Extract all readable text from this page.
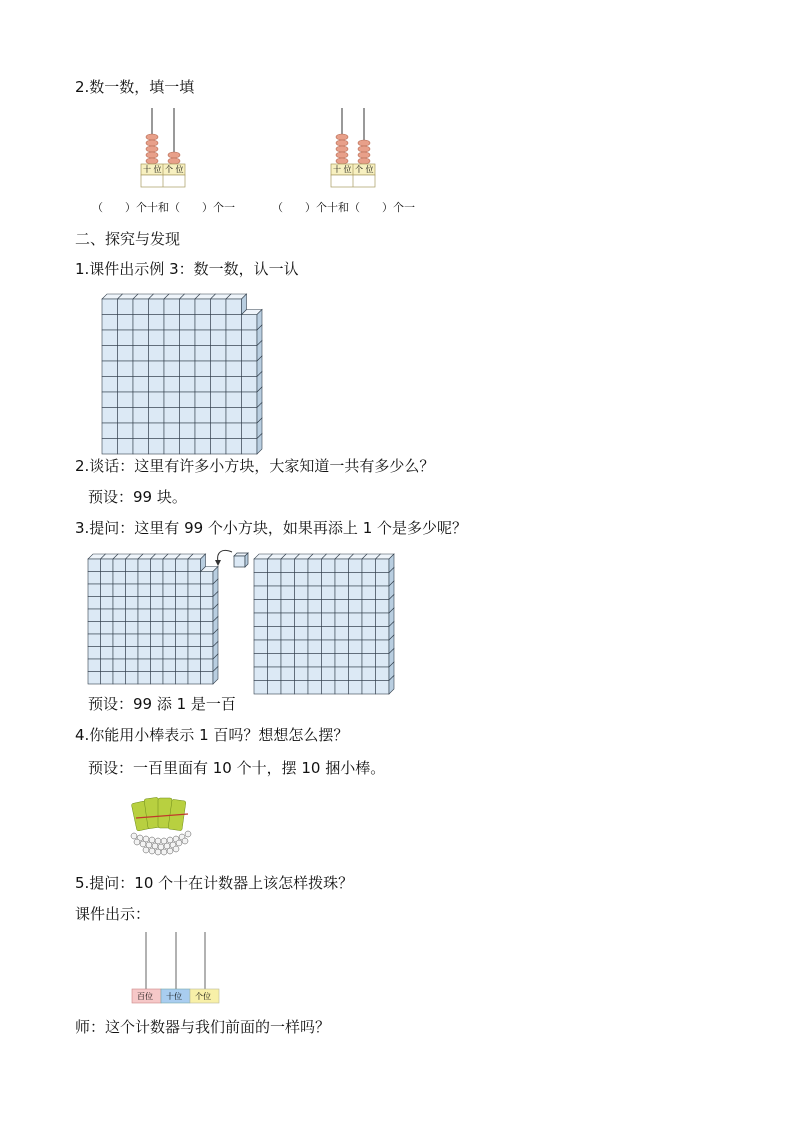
2.数一数，填一填
十 位 个 位	十 位 个 位
（　　）个十和（　　）个一	（　　）个十和（　　）个一
二、探究与发现
1.课件出示例 3：数一数，认一认
2.谈话：这里有许多小方块，大家知道一共有多少么？
预设：99 块。
3.提问：这里有 99 个小方块，如果再添上 1 个是多少呢？
预设：99 添 1 是一百
4.你能用小棒表示 1 百吗？想想怎么摆？
预设：一百里面有 10 个十，摆 10 捆小棒。
5.提问：10 个十在计数器上该怎样拨珠？
课件出示：
百位 十位 个位
师：这个计数器与我们前面的一样吗？
